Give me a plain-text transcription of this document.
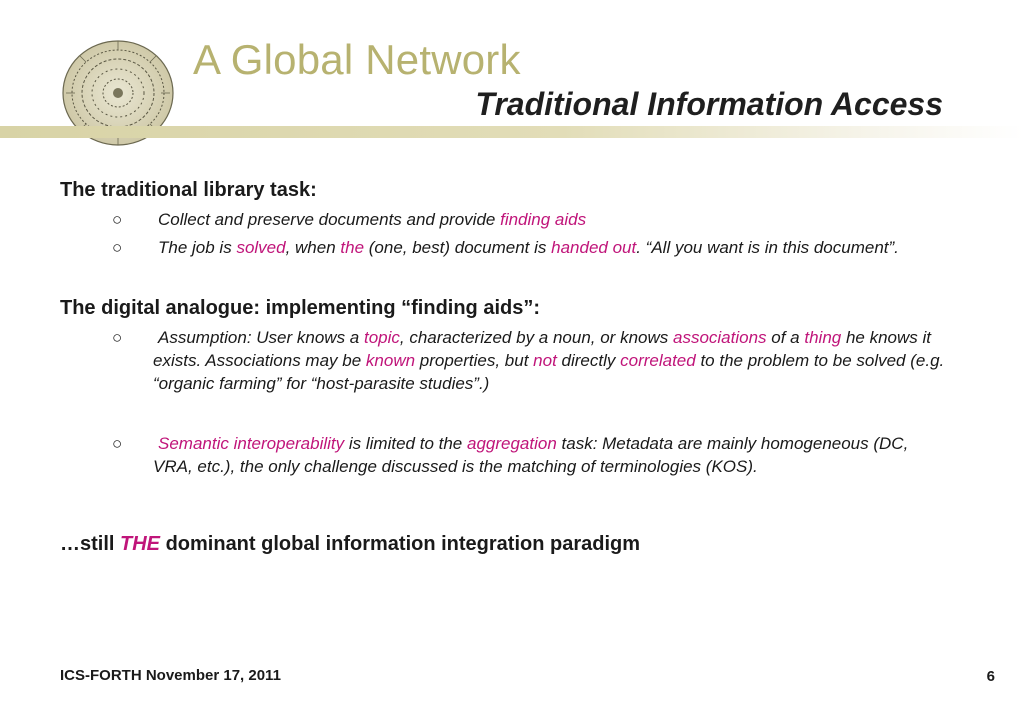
A Global Network
Traditional Information Access
The traditional library task:
○ Collect and preserve documents and provide finding aids
○ The job is solved, when the (one, best) document is handed out. “All you want is in this document”.
The digital analogue: implementing “finding aids”:
○ Assumption: User knows a topic, characterized by a noun, or knows associations of a thing he knows it exists. Associations may be known properties, but not directly correlated to the problem to be solved (e.g. “organic farming” for “host-parasite studies”.)
○ Semantic interoperability is limited to the aggregation task: Metadata are mainly homogeneous (DC, VRA, etc.), the only challenge discussed is the matching of terminologies (KOS).
…still THE dominant global information integration paradigm
ICS-FORTH November 17, 2011	6
